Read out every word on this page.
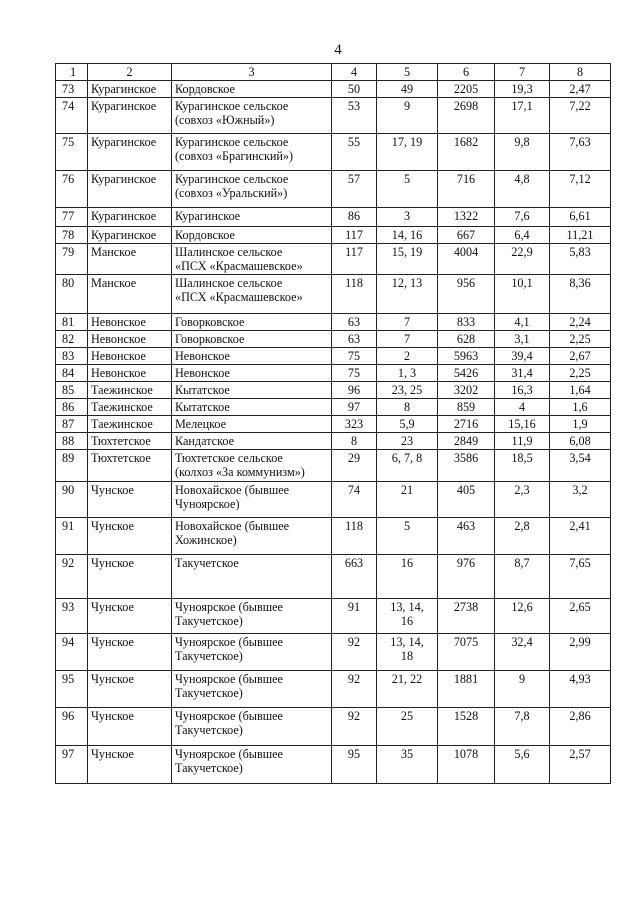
4
1	2	3	4	5	6	7	8
73	Курагинское	Кордовское	50	49	2205	19,3	2,47
74	Курагинское	Курагинское сельское
(совхоз «Южный»)	53	9	2698	17,1	7,22
75	Курагинское	Курагинское сельское
(совхоз «Брагинский»)	55	17, 19	1682	9,8	7,63
76	Курагинское	Курагинское сельское
(совхоз «Уральский»)	57	5	716	4,8	7,12
77	Курагинское	Курагинское	86	3	1322	7,6	6,61
78	Курагинское	Кордовское	117	14, 16	667	6,4	11,21
79	Манское	Шалинское сельское
«ПСХ «Красмашевское»	117	15, 19	4004	22,9	5,83
80	Манское	Шалинское сельское
«ПСХ «Красмашевское»	118	12, 13	956	10,1	8,36
81	Невонское	Говорковское	63	7	833	4,1	2,24
82	Невонское	Говорковское	63	7	628	3,1	2,25
83	Невонское	Невонское	75	2	5963	39,4	2,67
84	Невонское	Невонское	75	1, 3	5426	31,4	2,25
85	Таежинское	Кытатское	96	23, 25	3202	16,3	1,64
86	Таежинское	Кытатское	97	8	859	4	1,6
87	Таежинское	Мелецкое	323	5,9	2716	15,16	1,9
88	Тюхтетское	Кандатское	8	23	2849	11,9	6,08
89	Тюхтетское	Тюхтетское сельское
(колхоз «За коммунизм»)	29	6, 7, 8	3586	18,5	3,54
90	Чунское	Новохайское (бывшее
Чуноярское)	74	21	405	2,3	3,2
91	Чунское	Новохайское (бывшее
Хожинское)	118	5	463	2,8	2,41
92	Чунское	Такучетское	663	16	976	8,7	7,65
93	Чунское	Чуноярское (бывшее
Такучетское)	91	13, 14,
16	2738	12,6	2,65
94	Чунское	Чуноярское (бывшее
Такучетское)	92	13, 14,
18	7075	32,4	2,99
95	Чунское	Чуноярское (бывшее
Такучетское)	92	21, 22	1881	9	4,93
96	Чунское	Чуноярское (бывшее
Такучетское)	92	25	1528	7,8	2,86
97	Чунское	Чуноярское (бывшее
Такучетское)	95	35	1078	5,6	2,57
